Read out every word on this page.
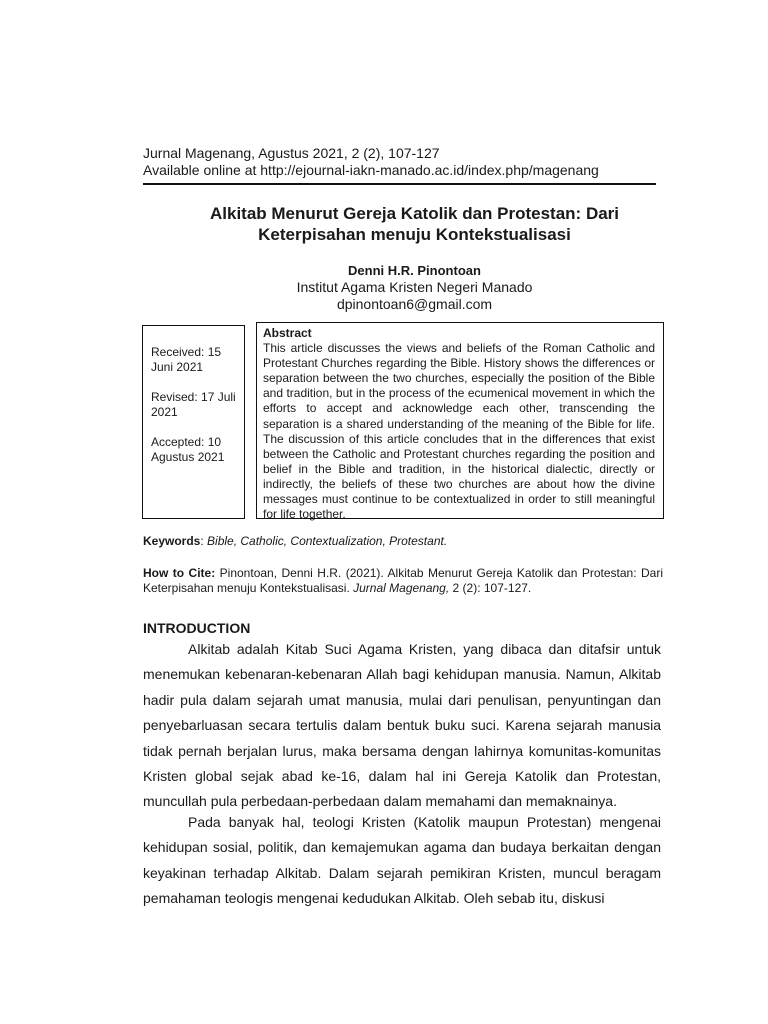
Jurnal Magenang, Agustus 2021, 2 (2), 107-127
Available online at http://ejournal-iakn-manado.ac.id/index.php/magenang
Alkitab Menurut Gereja Katolik dan Protestan: Dari
Keterpisahan menuju Kontekstualisasi
Denni H.R. Pinontoan
Institut Agama Kristen Negeri Manado
dpinontoan6@gmail.com
Received: 15 Juni 2021
Revised: 17 Juli 2021
Accepted: 10 Agustus 2021
Abstract
This article discusses the views and beliefs of the Roman Catholic and Protestant Churches regarding the Bible. History shows the differences or separation between the two churches, especially the position of the Bible and tradition, but in the process of the ecumenical movement in which the efforts to accept and acknowledge each other, transcending the separation is a shared understanding of the meaning of the Bible for life. The discussion of this article concludes that in the differences that exist between the Catholic and Protestant churches regarding the position and belief in the Bible and tradition, in the historical dialectic, directly or indirectly, the beliefs of these two churches are about how the divine messages must continue to be contextualized in order to still meaningful for life together.
Keywords: Bible, Catholic, Contextualization, Protestant.
How to Cite: Pinontoan, Denni H.R. (2021). Alkitab Menurut Gereja Katolik dan Protestan: Dari Keterpisahan menuju Kontekstualisasi. Jurnal Magenang, 2 (2): 107-127.
INTRODUCTION

Alkitab adalah Kitab Suci Agama Kristen, yang dibaca dan ditafsir untuk menemukan kebenaran-kebenaran Allah bagi kehidupan manusia. Namun, Alkitab hadir pula dalam sejarah umat manusia, mulai dari penulisan, penyuntingan dan penyebarluasan secara tertulis dalam bentuk buku suci. Karena sejarah manusia tidak pernah berjalan lurus, maka bersama dengan lahirnya komunitas-komunitas Kristen global sejak abad ke-16, dalam hal ini Gereja Katolik dan Protestan, muncullah pula perbedaan-perbedaan dalam memahami dan memaknainya.

Pada banyak hal, teologi Kristen (Katolik maupun Protestan) mengenai kehidupan sosial, politik, dan kemajemukan agama dan budaya berkaitan dengan keyakinan terhadap Alkitab. Dalam sejarah pemikiran Kristen, muncul beragam pemahaman teologis mengenai kedudukan Alkitab. Oleh sebab itu, diskusi
